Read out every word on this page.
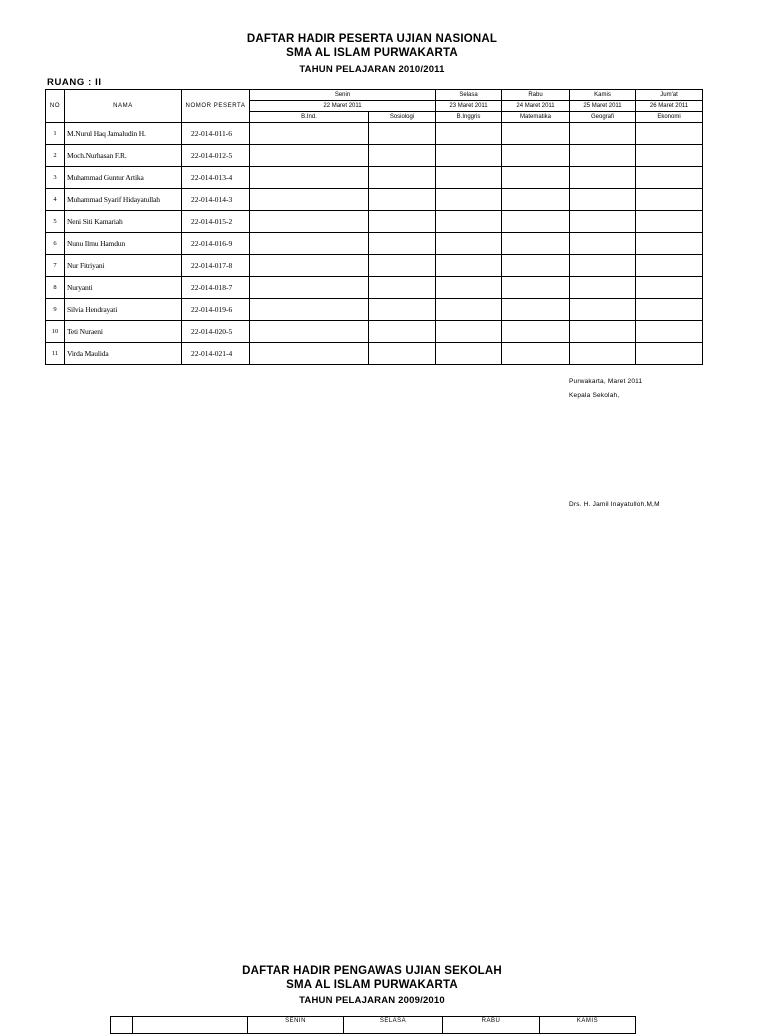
DAFTAR HADIR PESERTA UJIAN NASIONAL
SMA AL ISLAM PURWAKARTA
TAHUN PELAJARAN 2010/2011
RUANG : II
NO	NAMA	NOMOR PESERTA	Senin		Selasa	Rabu	Kamis	Jum'at
			22 Maret 2011		23 Maret 2011	24 Maret 2011	25 Maret 2011	26 Maret 2011
			B.Ind.	Sosiologi	B.Inggris	Matematika	Geografi	Ekonomi
1	M.Nurul Haq Jamaludin H.	22-014-011-6						
2	Moch.Nurhasan F.R.	22-014-012-5						
3	Muhammad Guntur Artika	22-014-013-4						
4	Muhammad Syarif Hidayatullah	22-014-014-3						
5	Neni Siti Kamariah	22-014-015-2						
6	Nunu Ilmu Hamdun	22-014-016-9						
7	Nur Fitriyani	22-014-017-8						
8	Nuryanti	22-014-018-7						
9	Silvia Hendrayati	22-014-019-6						
10	Teti Nuraeni	22-014-020-5						
11	Virda Maulida	22-014-021-4						
Purwakarta, Maret 2011
Kepala Sekolah,
Drs. H. Jamil Inayatulloh.M,M
DAFTAR HADIR PENGAWAS UJIAN SEKOLAH
SMA AL ISLAM PURWAKARTA
TAHUN PELAJARAN 2009/2010
		SENIN	SELASA	RABU	KAMIS
